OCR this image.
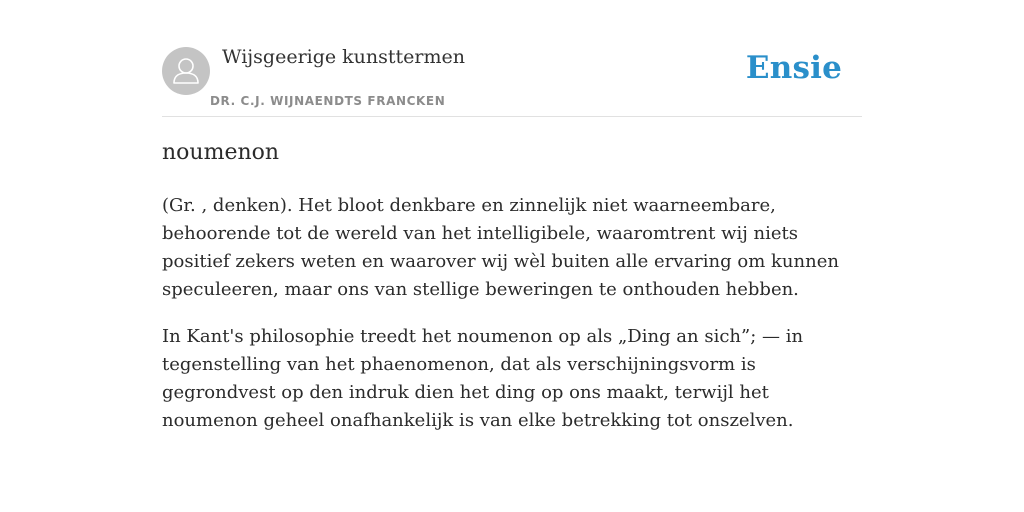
Wijsgeerige kunsttermen
DR. C.J. WIJNAENDTS FRANCKEN
Ensie
noumenon

(Gr. , denken). Het bloot denkbare en zinnelijk niet waarneembare, behoorende tot de wereld van het intelligibele, waaromtrent wij niets positief zekers weten en waarover wij wèl buiten alle ervaring om kunnen speculeeren, maar ons van stellige beweringen te onthouden hebben.

In Kant's philosophie treedt het noumenon op als „Ding an sich”; — in tegenstelling van het phaenomenon, dat als verschijningsvorm is gegrondvest op den indruk dien het ding op ons maakt, terwijl het noumenon geheel onafhankelijk is van elke betrekking tot onszelven.
